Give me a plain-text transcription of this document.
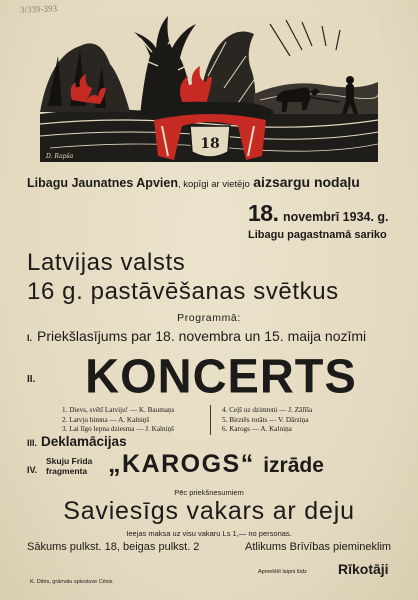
3/339-393
18
D. Rapša
Libagu Jaunatnes Apvien, kopīgi ar vietējo aizsargu nodaļu
18. novembrī 1934. g.
Libagu pagastnamā sariko
Latvijas valsts
16 g. pastāvēšanas svētkus
Programmā:
I. Priekšlasījums par 18. novembra un 15. maija nozīmi
II.	KONCERTS
1. Dievs, svētī Latviju! — K. Baumaņs
2. Latvju himna — A. Kalniņš
3. Lai līgo lepna dziesma — J. Kalniņš
4. Ceļš uz dzimteni — J. Zālīša
5. Birztēs rotāts — V. Dārziņa
6. Karogs — A. Kalniņa
III. Deklamācijas
IV.
Skuju Frida
fragmenta „KAROGS“ izrāde
Pēc priekšnesumiem
Saviesīgs vakars ar deju
Ieejas maksa uz visu vakaru Ls 1,— no personas.
Sākums pulkst. 18, beigas pulkst. 2	Atlikums Brīvības piemineklim
K. Ditris, grāmatu spiestuve Cēsis
Apmeklēt laipni lūdz Rīkotāji
